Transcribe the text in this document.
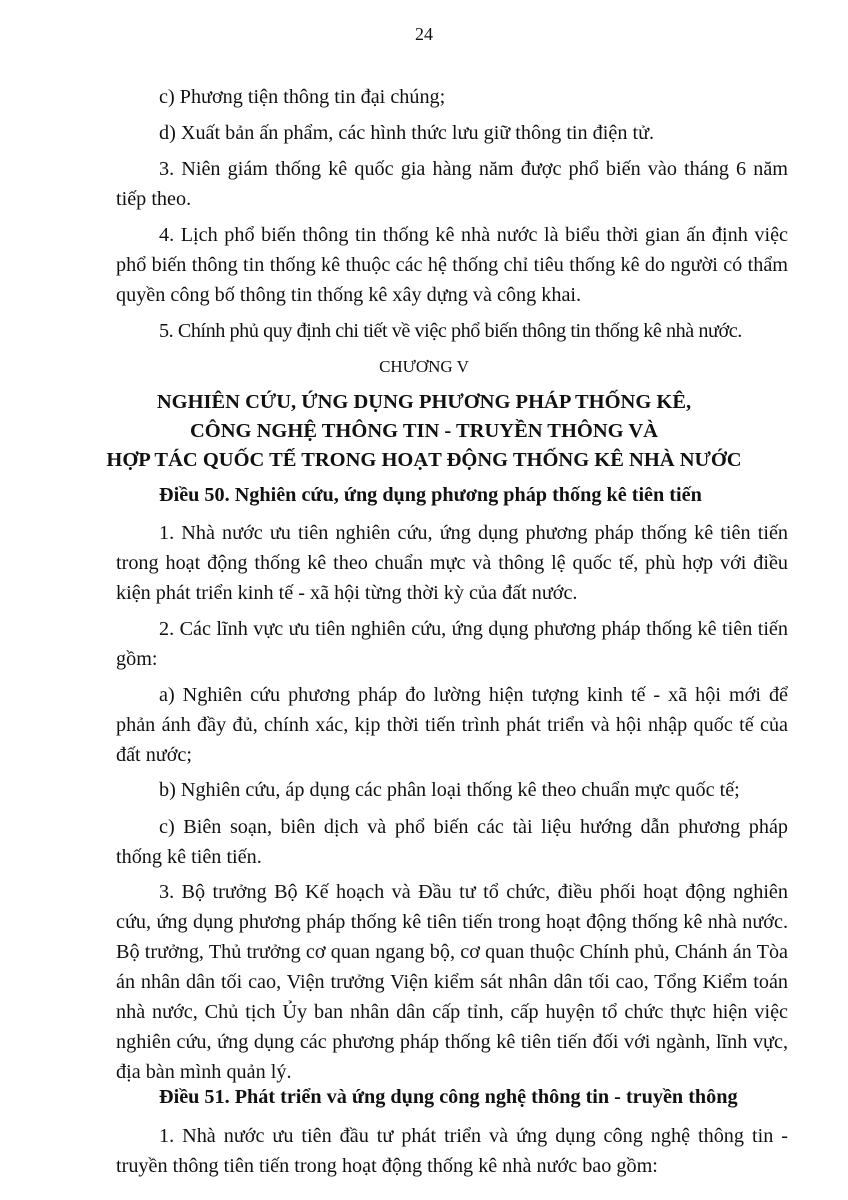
24

c) Phương tiện thông tin đại chúng;

d) Xuất bản ấn phẩm, các hình thức lưu giữ thông tin điện tử.

3. Niên giám thống kê quốc gia hàng năm được phổ biến vào tháng 6 năm tiếp theo.

4. Lịch phổ biến thông tin thống kê nhà nước là biểu thời gian ấn định việc phổ biến thông tin thống kê thuộc các hệ thống chỉ tiêu thống kê do người có thẩm quyền công bố thông tin thống kê xây dựng và công khai.

5. Chính phủ quy định chi tiết về việc phổ biến thông tin thống kê nhà nước.

CHƯƠNG V

NGHIÊN CỨU, ỨNG DỤNG PHƯƠNG PHÁP THỐNG KÊ,

CÔNG NGHỆ THÔNG TIN - TRUYỀN THÔNG VÀ

HỢP TÁC QUỐC TẾ TRONG HOẠT ĐỘNG THỐNG KÊ NHÀ NƯỚC

Điều 50. Nghiên cứu, ứng dụng phương pháp thống kê tiên tiến

1. Nhà nước ưu tiên nghiên cứu, ứng dụng phương pháp thống kê tiên tiến trong hoạt động thống kê theo chuẩn mực và thông lệ quốc tế, phù hợp với điều kiện phát triển kinh tế - xã hội từng thời kỳ của đất nước.

2. Các lĩnh vực ưu tiên nghiên cứu, ứng dụng phương pháp thống kê tiên tiến gồm:

a) Nghiên cứu phương pháp đo lường hiện tượng kinh tế - xã hội mới để phản ánh đầy đủ, chính xác, kịp thời tiến trình phát triển và hội nhập quốc tế của đất nước;

b) Nghiên cứu, áp dụng các phân loại thống kê theo chuẩn mực quốc tế;

c) Biên soạn, biên dịch và phổ biến các tài liệu hướng dẫn phương pháp thống kê tiên tiến.

3. Bộ trưởng Bộ Kế hoạch và Đầu tư tổ chức, điều phối hoạt động nghiên cứu, ứng dụng phương pháp thống kê tiên tiến trong hoạt động thống kê nhà nước. Bộ trưởng, Thủ trưởng cơ quan ngang bộ, cơ quan thuộc Chính phủ, Chánh án Tòa án nhân dân tối cao, Viện trưởng Viện kiểm sát nhân dân tối cao, Tổng Kiểm toán nhà nước, Chủ tịch Ủy ban nhân dân cấp tỉnh, cấp huyện tổ chức thực hiện việc nghiên cứu, ứng dụng các phương pháp thống kê tiên tiến đối với ngành, lĩnh vực, địa bàn mình quản lý.

Điều 51. Phát triển và ứng dụng công nghệ thông tin - truyền thông

1. Nhà nước ưu tiên đầu tư phát triển và ứng dụng công nghệ thông tin - truyền thông tiên tiến trong hoạt động thống kê nhà nước bao gồm:
